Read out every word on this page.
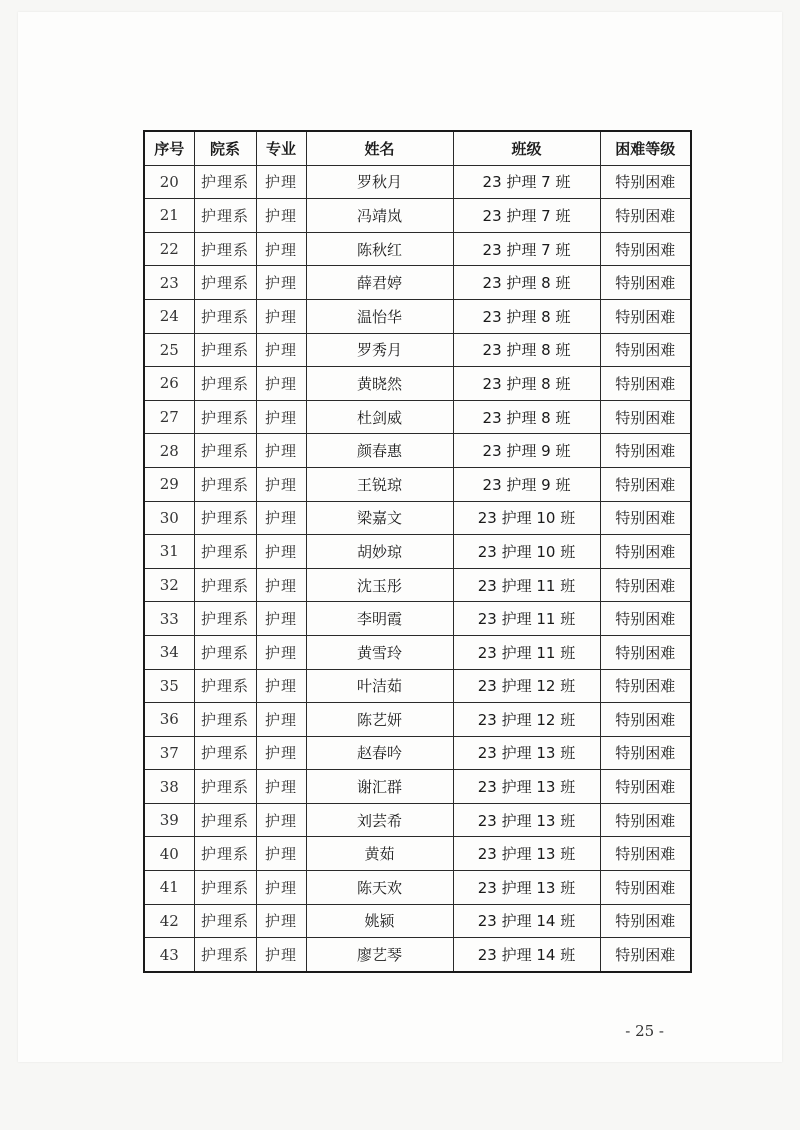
序号	院系	专业	姓名	班级	困难等级
20	护理系	护理	罗秋月	23 护理 7 班	特别困难
21	护理系	护理	冯靖岚	23 护理 7 班	特别困难
22	护理系	护理	陈秋红	23 护理 7 班	特别困难
23	护理系	护理	薛君婷	23 护理 8 班	特别困难
24	护理系	护理	温怡华	23 护理 8 班	特别困难
25	护理系	护理	罗秀月	23 护理 8 班	特别困难
26	护理系	护理	黄晓然	23 护理 8 班	特别困难
27	护理系	护理	杜剑威	23 护理 8 班	特别困难
28	护理系	护理	颜春惠	23 护理 9 班	特别困难
29	护理系	护理	王锐琼	23 护理 9 班	特别困难
30	护理系	护理	梁嘉文	23 护理 10 班	特别困难
31	护理系	护理	胡妙琼	23 护理 10 班	特别困难
32	护理系	护理	沈玉彤	23 护理 11 班	特别困难
33	护理系	护理	李明霞	23 护理 11 班	特别困难
34	护理系	护理	黄雪玲	23 护理 11 班	特别困难
35	护理系	护理	叶洁茹	23 护理 12 班	特别困难
36	护理系	护理	陈艺妍	23 护理 12 班	特别困难
37	护理系	护理	赵春吟	23 护理 13 班	特别困难
38	护理系	护理	谢汇群	23 护理 13 班	特别困难
39	护理系	护理	刘芸希	23 护理 13 班	特别困难
40	护理系	护理	黄茹	23 护理 13 班	特别困难
41	护理系	护理	陈天欢	23 护理 13 班	特别困难
42	护理系	护理	姚颍	23 护理 14 班	特别困难
43	护理系	护理	廖艺琴	23 护理 14 班	特别困难
- 25 -
